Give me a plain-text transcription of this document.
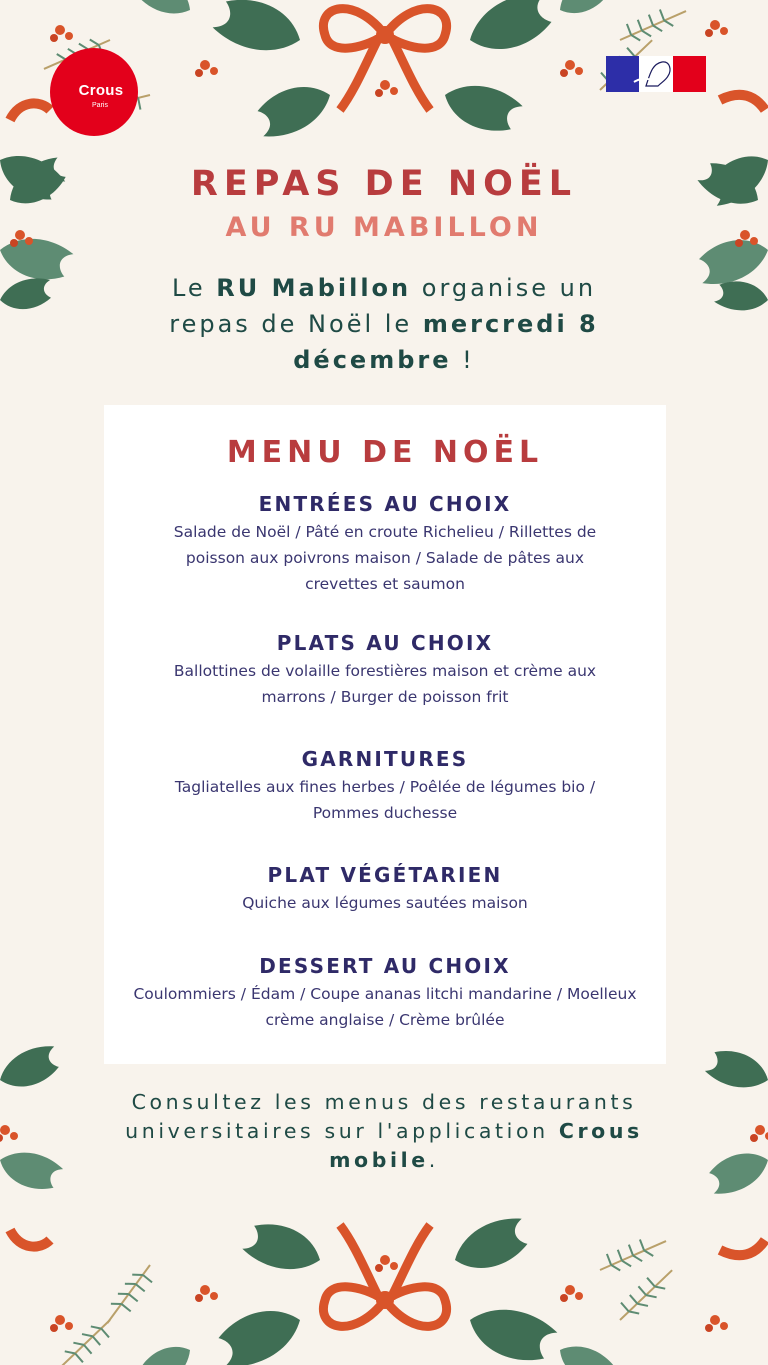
Crous
Paris
REPAS DE NOËL
AU RU MABILLON
Le RU Mabillon organise un repas de Noël le mercredi 8 décembre !
MENU DE NOËL
ENTRÉES AU CHOIX
Salade de Noël / Pâté en croute Richelieu / Rillettes de poisson aux poivrons maison / Salade de pâtes aux crevettes et saumon
PLATS AU CHOIX
Ballottines de volaille forestières maison et crème aux marrons / Burger de poisson frit
GARNITURES
Tagliatelles aux fines herbes / Poêlée de légumes bio / Pommes duchesse
PLAT VÉGÉTARIEN
Quiche aux légumes sautées maison
DESSERT AU CHOIX
Coulommiers / Édam / Coupe ananas litchi mandarine / Moelleux crème anglaise / Crème brûlée
Consultez les menus des restaurants universitaires sur l'application Crous mobile.
